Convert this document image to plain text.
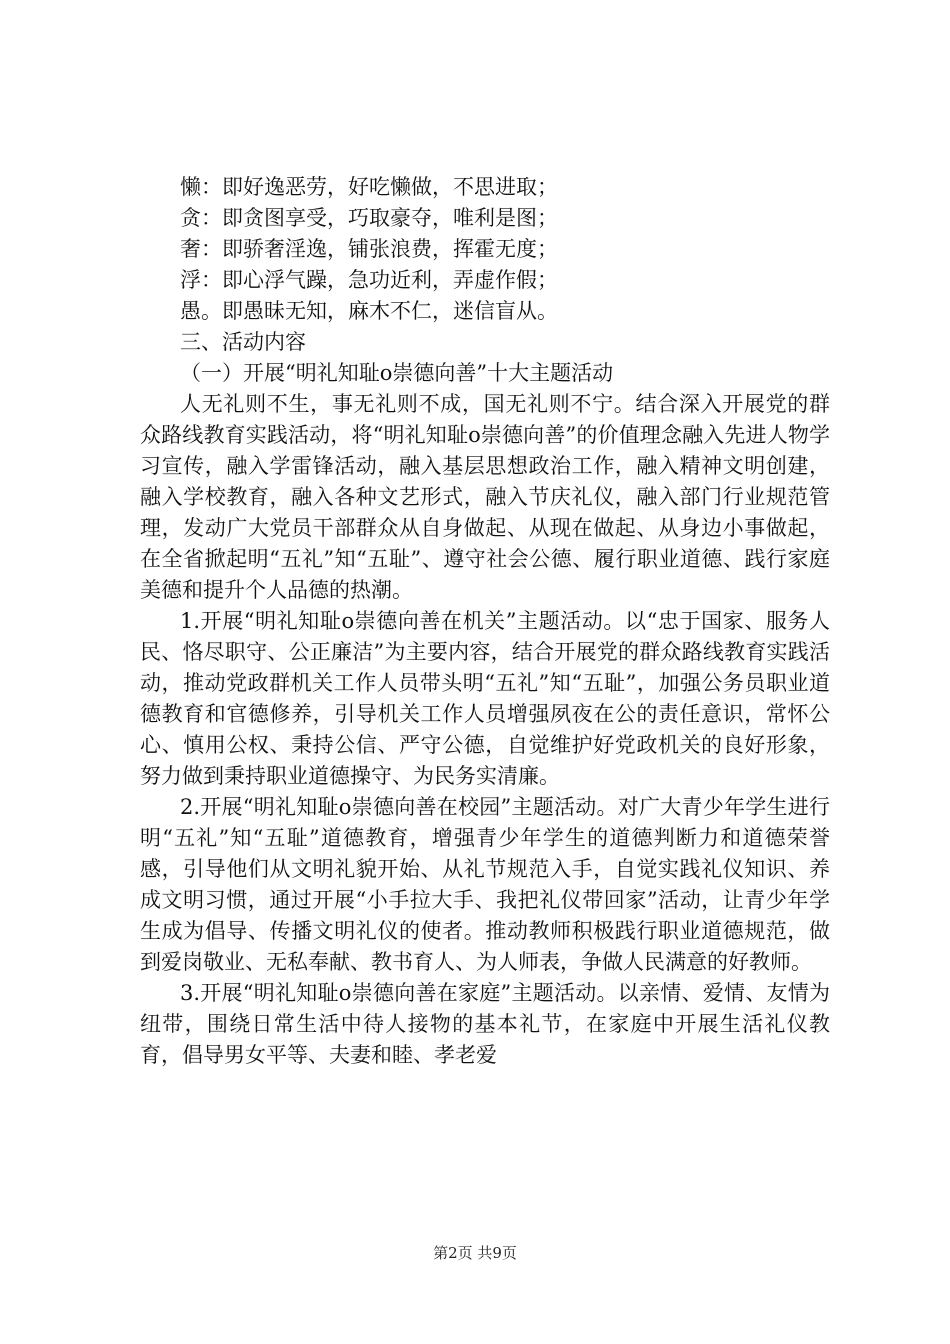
懒：即好逸恶劳，好吃懒做，不思进取；
贪：即贪图享受，巧取豪夺，唯利是图；
奢：即骄奢淫逸，铺张浪费，挥霍无度；
浮：即心浮气躁，急功近利，弄虚作假；
愚。即愚昧无知，麻木不仁，迷信盲从。
三、活动内容
（一）开展“明礼知耻o崇德向善”十大主题活动

人无礼则不生，事无礼则不成，国无礼则不宁。结合深入开展党的群众路线教育实践活动，将“明礼知耻o崇德向善”的价值理念融入先进人物学习宣传，融入学雷锋活动，融入基层思想政治工作，融入精神文明创建，融入学校教育，融入各种文艺形式，融入节庆礼仪，融入部门行业规范管理，发动广大党员干部群众从自身做起、从现在做起、从身边小事做起，在全省掀起明“五礼”知“五耻”、遵守社会公德、履行职业道德、践行家庭美德和提升个人品德的热潮。

1.开展“明礼知耻o崇德向善在机关”主题活动。以“忠于国家、服务人民、恪尽职守、公正廉洁”为主要内容，结合开展党的群众路线教育实践活动，推动党政群机关工作人员带头明“五礼”知“五耻”，加强公务员职业道德教育和官德修养，引导机关工作人员增强夙夜在公的责任意识，常怀公心、慎用公权、秉持公信、严守公德，自觉维护好党政机关的良好形象，努力做到秉持职业道德操守、为民务实清廉。

2.开展“明礼知耻o崇德向善在校园”主题活动。对广大青少年学生进行明“五礼”知“五耻”道德教育，增强青少年学生的道德判断力和道德荣誉感，引导他们从文明礼貌开始、从礼节规范入手，自觉实践礼仪知识、养成文明习惯，通过开展“小手拉大手、我把礼仪带回家”活动，让青少年学生成为倡导、传播文明礼仪的使者。推动教师积极践行职业道德规范，做到爱岗敬业、无私奉献、教书育人、为人师表，争做人民满意的好教师。

3.开展“明礼知耻o崇德向善在家庭”主题活动。以亲情、爱情、友情为纽带，围绕日常生活中待人接物的基本礼节，在家庭中开展生活礼仪教育，倡导男女平等、夫妻和睦、孝老爱

第2页 共9页
